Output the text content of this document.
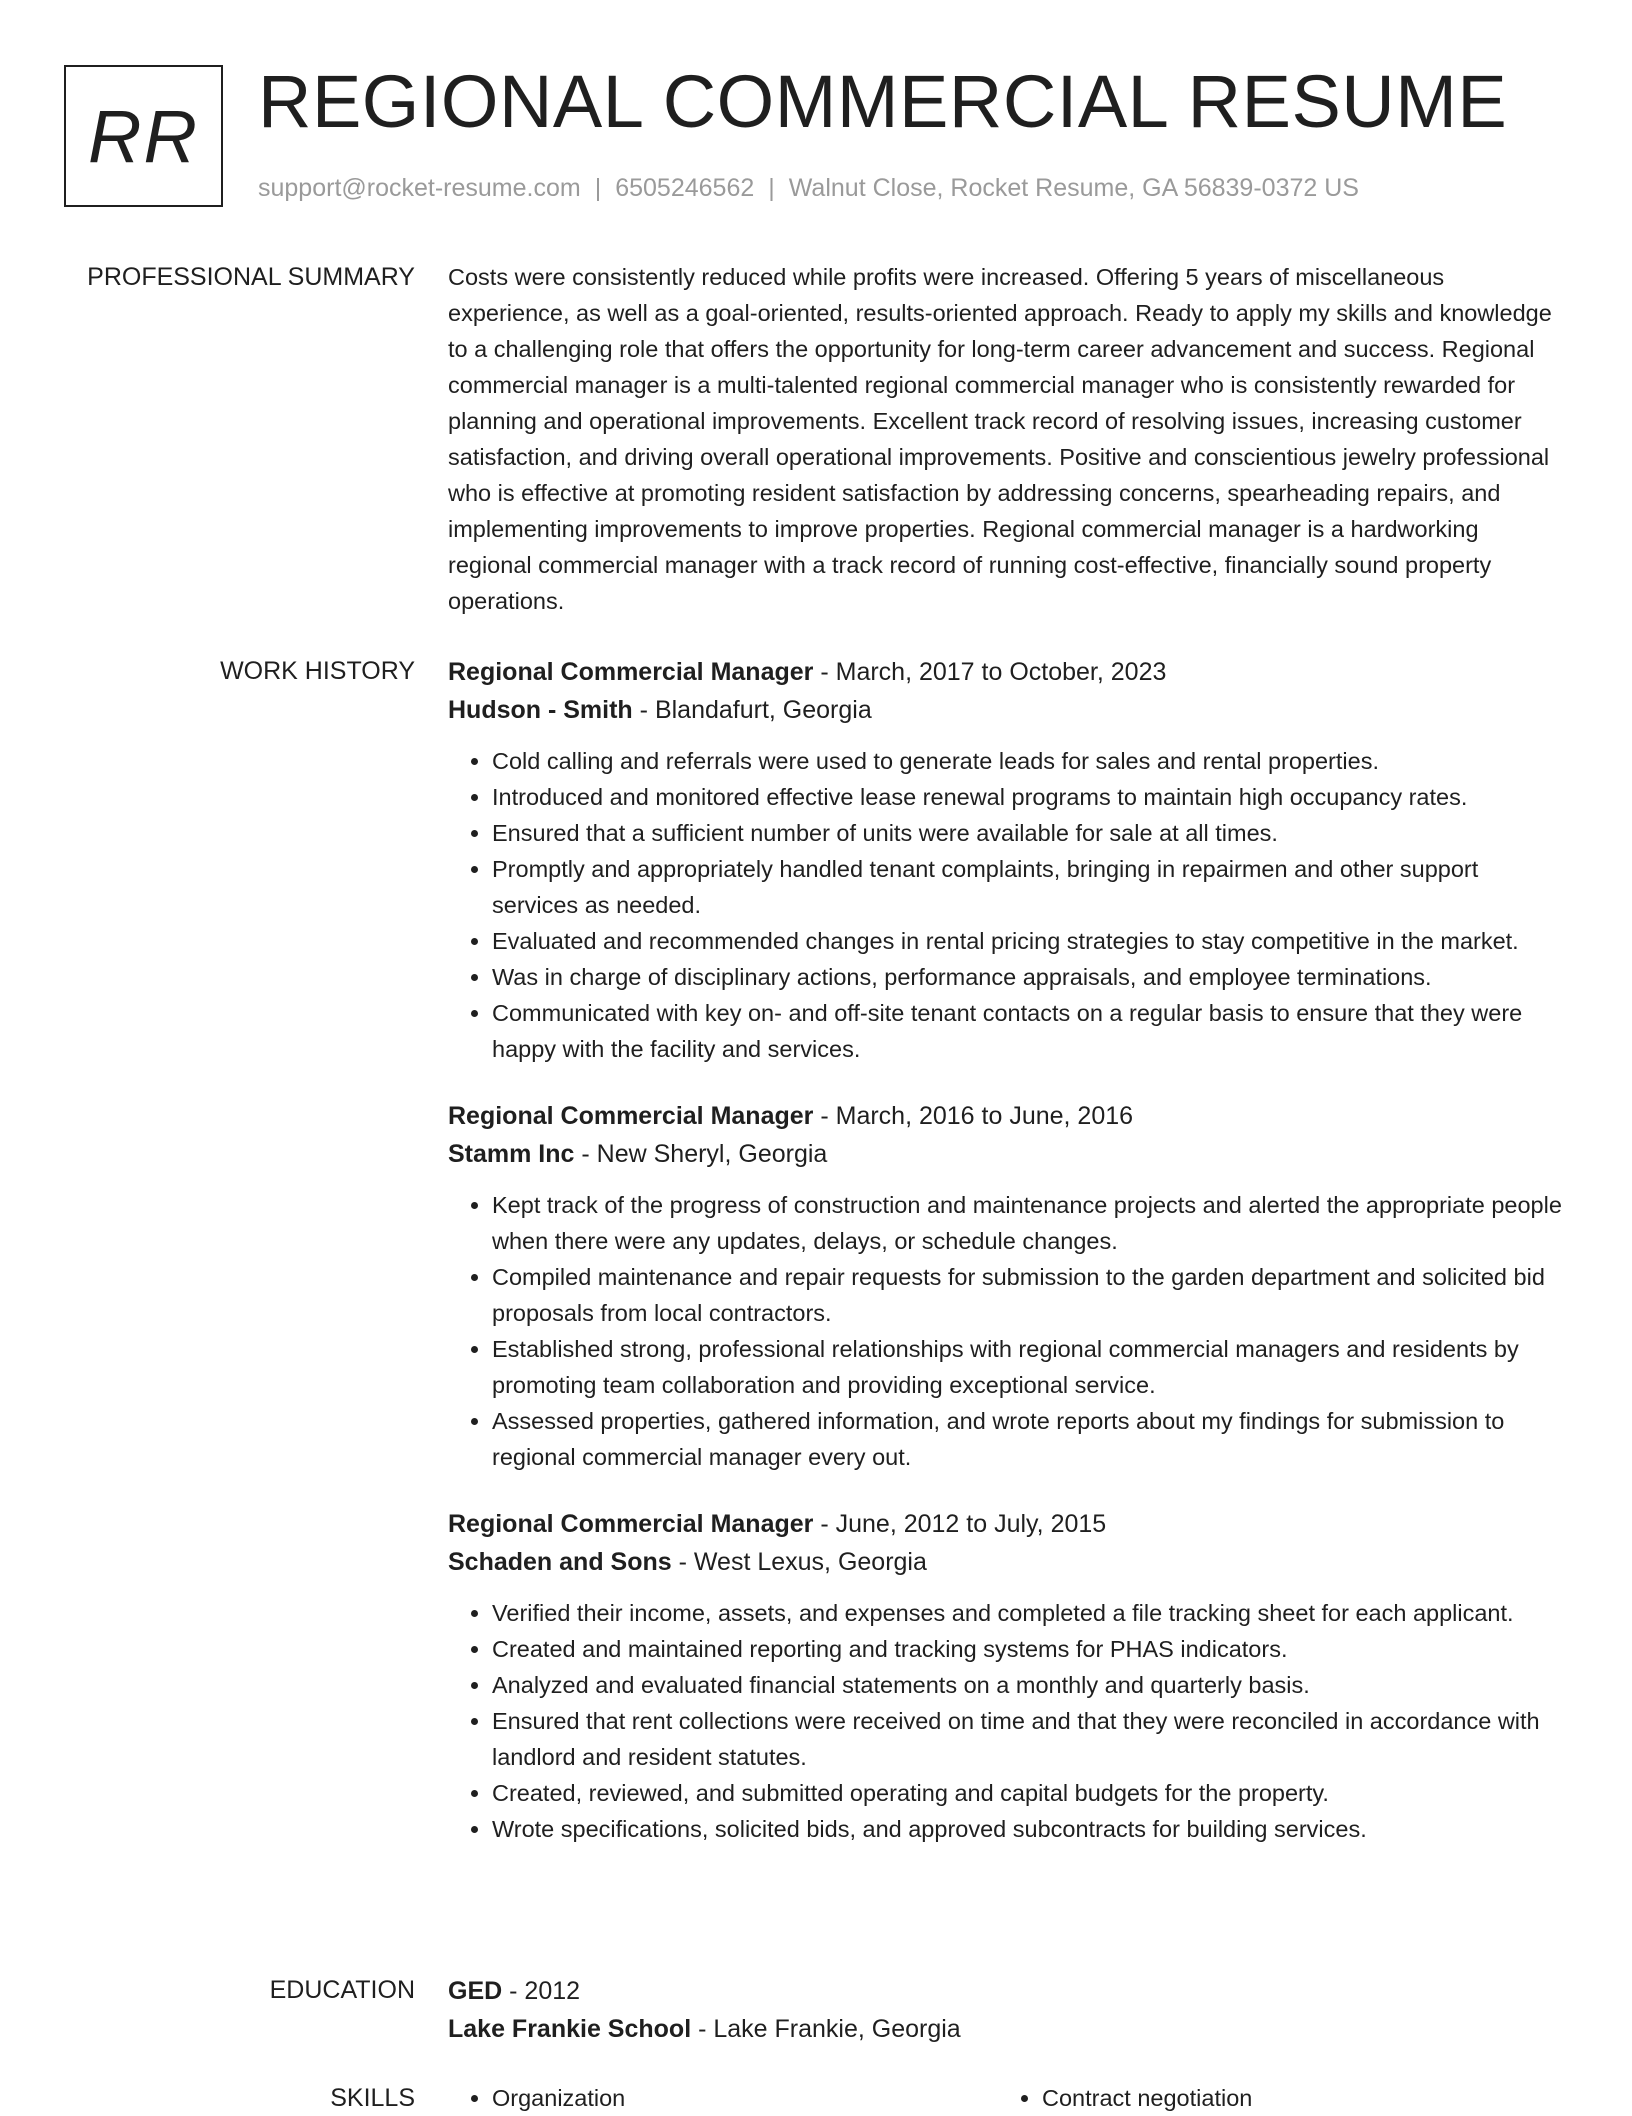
RR REGIONAL COMMERCIAL RESUME
support@rocket-resume.com | 6505246562 | Walnut Close, Rocket Resume, GA 56839-0372 US
PROFESSIONAL SUMMARY Costs were consistently reduced while profits were increased. Offering 5 years of miscellaneous experience, as well as a goal-oriented, results-oriented approach. Ready to apply my skills and knowledge to a challenging role that offers the opportunity for long-term career advancement and success. Regional commercial manager is a multi-talented regional commercial manager who is consistently rewarded for planning and operational improvements. Excellent track record of resolving issues, increasing customer satisfaction, and driving overall operational improvements. Positive and conscientious jewelry professional who is effective at promoting resident satisfaction by addressing concerns, spearheading repairs, and implementing improvements to improve properties. Regional commercial manager is a hardworking regional commercial manager with a track record of running cost-effective, financially sound property operations.

WORK HISTORY Regional Commercial Manager - March, 2017 to October, 2023
Hudson - Smith - Blandafurt, Georgia
• Cold calling and referrals were used to generate leads for sales and rental properties.
• Introduced and monitored effective lease renewal programs to maintain high occupancy rates.
• Ensured that a sufficient number of units were available for sale at all times.
• Promptly and appropriately handled tenant complaints, bringing in repairmen and other support services as needed.
• Evaluated and recommended changes in rental pricing strategies to stay competitive in the market.
• Was in charge of disciplinary actions, performance appraisals, and employee terminations.
• Communicated with key on- and off-site tenant contacts on a regular basis to ensure that they were happy with the facility and services.
Regional Commercial Manager - March, 2016 to June, 2016
Stamm Inc - New Sheryl, Georgia
• Kept track of the progress of construction and maintenance projects and alerted the appropriate people when there were any updates, delays, or schedule changes.
• Compiled maintenance and repair requests for submission to the garden department and solicited bid proposals from local contractors.
• Established strong, professional relationships with regional commercial managers and residents by promoting team collaboration and providing exceptional service.
• Assessed properties, gathered information, and wrote reports about my findings for submission to regional commercial manager every out.
Regional Commercial Manager - June, 2012 to July, 2015
Schaden and Sons - West Lexus, Georgia
• Verified their income, assets, and expenses and completed a file tracking sheet for each applicant.
• Created and maintained reporting and tracking systems for PHAS indicators.
• Analyzed and evaluated financial statements on a monthly and quarterly basis.
• Ensured that rent collections were received on time and that they were reconciled in accordance with landlord and resident statutes.
• Created, reviewed, and submitted operating and capital budgets for the property.
• Wrote specifications, solicited bids, and approved subcontracts for building services.
EDUCATION GED - 2012
Lake Frankie School - Lake Frankie, Georgia
SKILLS	• Organization	• Contract negotiation
